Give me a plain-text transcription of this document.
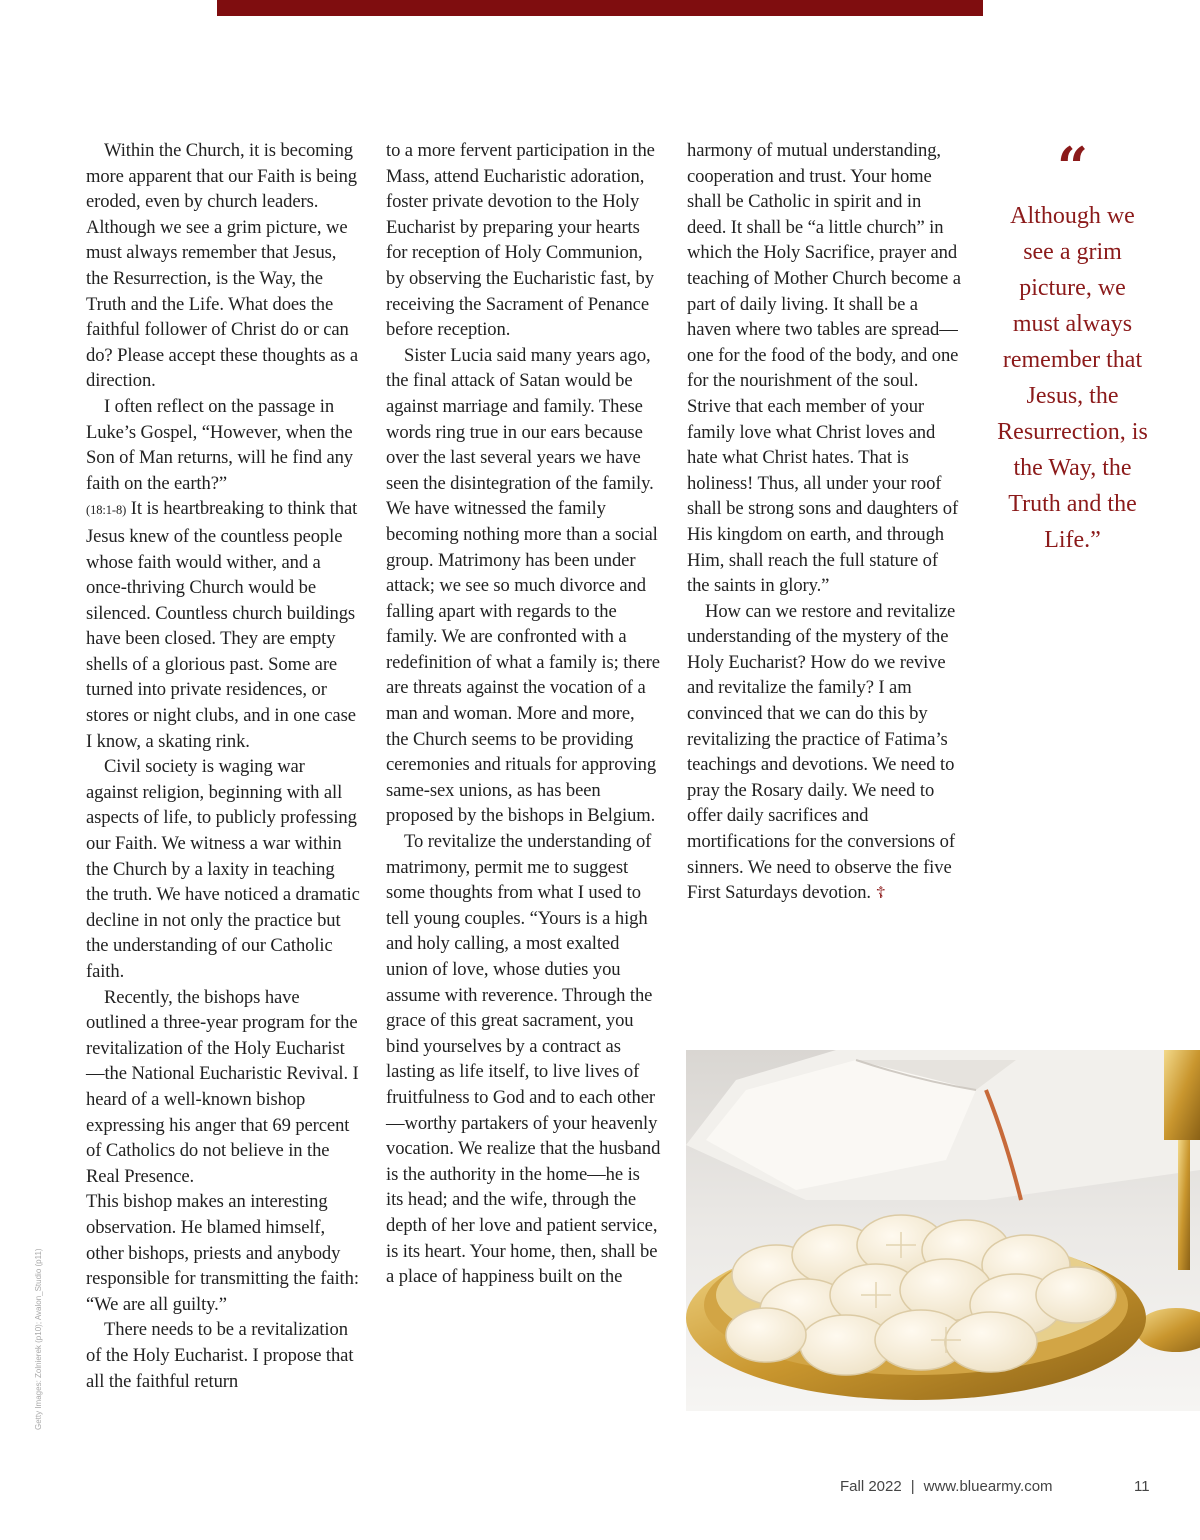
Within the Church, it is becoming more apparent that our Faith is being eroded, even by church leaders. Although we see a grim picture, we must always remember that Jesus, the Resurrection, is the Way, the Truth and the Life. What does the faithful follower of Christ do or can do? Please accept these thoughts as a direction.

I often reflect on the passage in Luke’s Gospel, “However, when the Son of Man returns, will he find any faith on the earth?”
(18:1-8) It is heartbreaking to think that Jesus knew of the countless people whose faith would wither, and a once-thriving Church would be silenced. Countless church buildings have been closed. They are empty shells of a glorious past. Some are turned into private residences, or stores or night clubs, and in one case I know, a skating rink.

Civil society is waging war against religion, beginning with all aspects of life, to publicly professing our Faith. We witness a war within the Church by a laxity in teaching the truth. We have noticed a dramatic decline in not only the practice but the understanding of our Catholic faith.

Recently, the bishops have outlined a three-year program for the revitalization of the Holy Eucharist—the National Eucharistic Revival. I heard of a well-known bishop expressing his anger that 69 percent of Catholics do not believe in the Real Presence.

This bishop makes an interesting observation. He blamed himself, other bishops, priests and anybody responsible for transmitting the faith: “We are all guilty.”

There needs to be a revitalization of the Holy Eucharist. I propose that all the faithful return

to a more fervent participation in the Mass, attend Eucharistic adoration, foster private devotion to the Holy Eucharist by preparing your hearts for reception of Holy Communion, by observing the Eucharistic fast, by receiving the Sacrament of Penance before reception.

Sister Lucia said many years ago, the final attack of Satan would be against marriage and family. These words ring true in our ears because over the last several years we have seen the disintegration of the family. We have witnessed the family becoming nothing more than a social group. Matrimony has been under attack; we see so much divorce and falling apart with regards to the family. We are confronted with a redefinition of what a family is; there are threats against the vocation of a man and woman. More and more, the Church seems to be providing ceremonies and rituals for approving same-sex unions, as has been proposed by the bishops in Belgium.

To revitalize the understanding of matrimony, permit me to suggest some thoughts from what I used to tell young couples. “Yours is a high and holy calling, a most exalted union of love, whose duties you assume with reverence. Through the grace of this great sacrament, you bind yourselves by a contract as lasting as life itself, to live lives of fruitfulness to God and to each other—worthy partakers of your heavenly vocation. We realize that the husband is the authority in the home—he is its head; and the wife, through the depth of her love and patient service, is its heart. Your home, then, shall be a place of happiness built on the

harmony of mutual understanding, cooperation and trust. Your home shall be Catholic in spirit and in deed. It shall be “a little church” in which the Holy Sacrifice, prayer and teaching of Mother Church become a part of daily living. It shall be a haven where two tables are spread—one for the food of the body, and one for the nourishment of the soul. Strive that each member of your family love what Christ loves and hate what Christ hates. That is holiness! Thus, all under your roof shall be strong sons and daughters of His kingdom on earth, and through Him, shall reach the full stature of the saints in glory.”

How can we restore and revitalize understanding of the mystery of the Holy Eucharist? How do we revive and revitalize the family? I am convinced that we can do this by revitalizing the practice of Fatima’s teachings and devotions. We need to pray the Rosary daily. We need to offer daily sacrifices and mortifications for the conversions of sinners. We need to observe the five First Saturdays devotion. ☦

“
Although we see a grim picture, we must always remember that Jesus, the Resurrection, is the Way, the Truth and the Life.”
Getty Images: Zolnierek (p10); Avalon_Studio (p11)
Fall 2022 | www.bluearmy.com	11
